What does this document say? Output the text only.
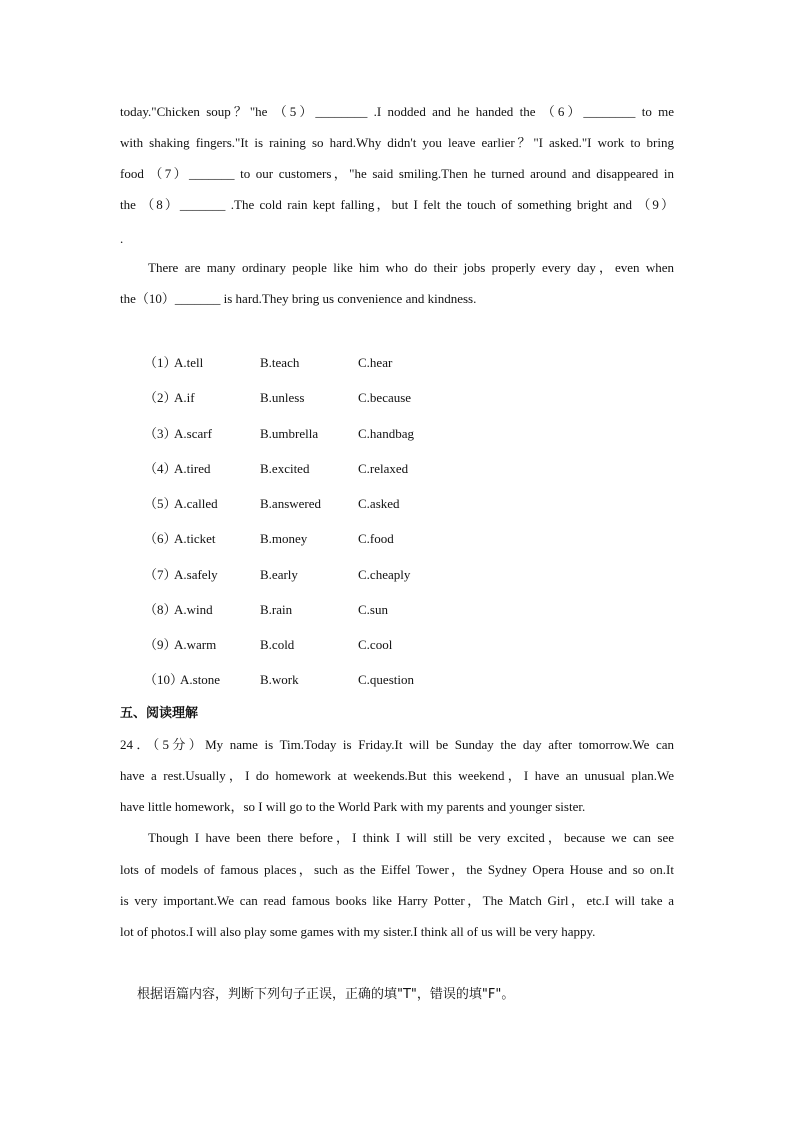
today."Chicken soup？"he （5）________ .I nodded and he handed the （6）________ to me
with shaking fingers."It is raining so hard.Why didn't you leave earlier？"I asked."I work to bring
food （7）_______ to our customers，"he said smiling.Then he turned around and disappeared in
the （8）_______ .The cold rain kept falling，but I felt the touch of something bright and （9）
.
There are many ordinary people like him who do their jobs properly every day，even when
the（10）_______ is hard.They bring us convenience and kindness.
（1）
A.tell	B.teach	C.hear
（2）
A.if	B.unless	C.because
（3）
A.scarf	B.umbrella	C.handbag
（4）
A.tired	B.excited	C.relaxed
（5）
A.called	B.answered	C.asked
（6）
A.ticket	B.money	C.food
（7）
A.safely	B.early	C.cheaply
（8）
A.wind	B.rain	C.sun
（9）
A.warm	B.cold	C.cool
（10）
A.stone	B.work	C.question
五、阅读理解
24．（5分）My name is Tim.Today is Friday.It will be Sunday the day after tomorrow.We can
have a rest.Usually，I do homework at weekends.But this weekend，I have an unusual plan.We
have little homework，so I will go to the World Park with my parents and younger sister.
Though I have been there before，I think I will still be very excited，because we can see
lots of models of famous places，such as the Eiffel Tower，the Sydney Opera House and so on.It
is very important.We can read famous books like Harry Potter，The Match Girl，etc.I will take a
lot of photos.I will also play some games with my sister.I think all of us will be very happy.
根据语篇内容，判断下列句子正误，正确的填"T"，错误的填"F"。
